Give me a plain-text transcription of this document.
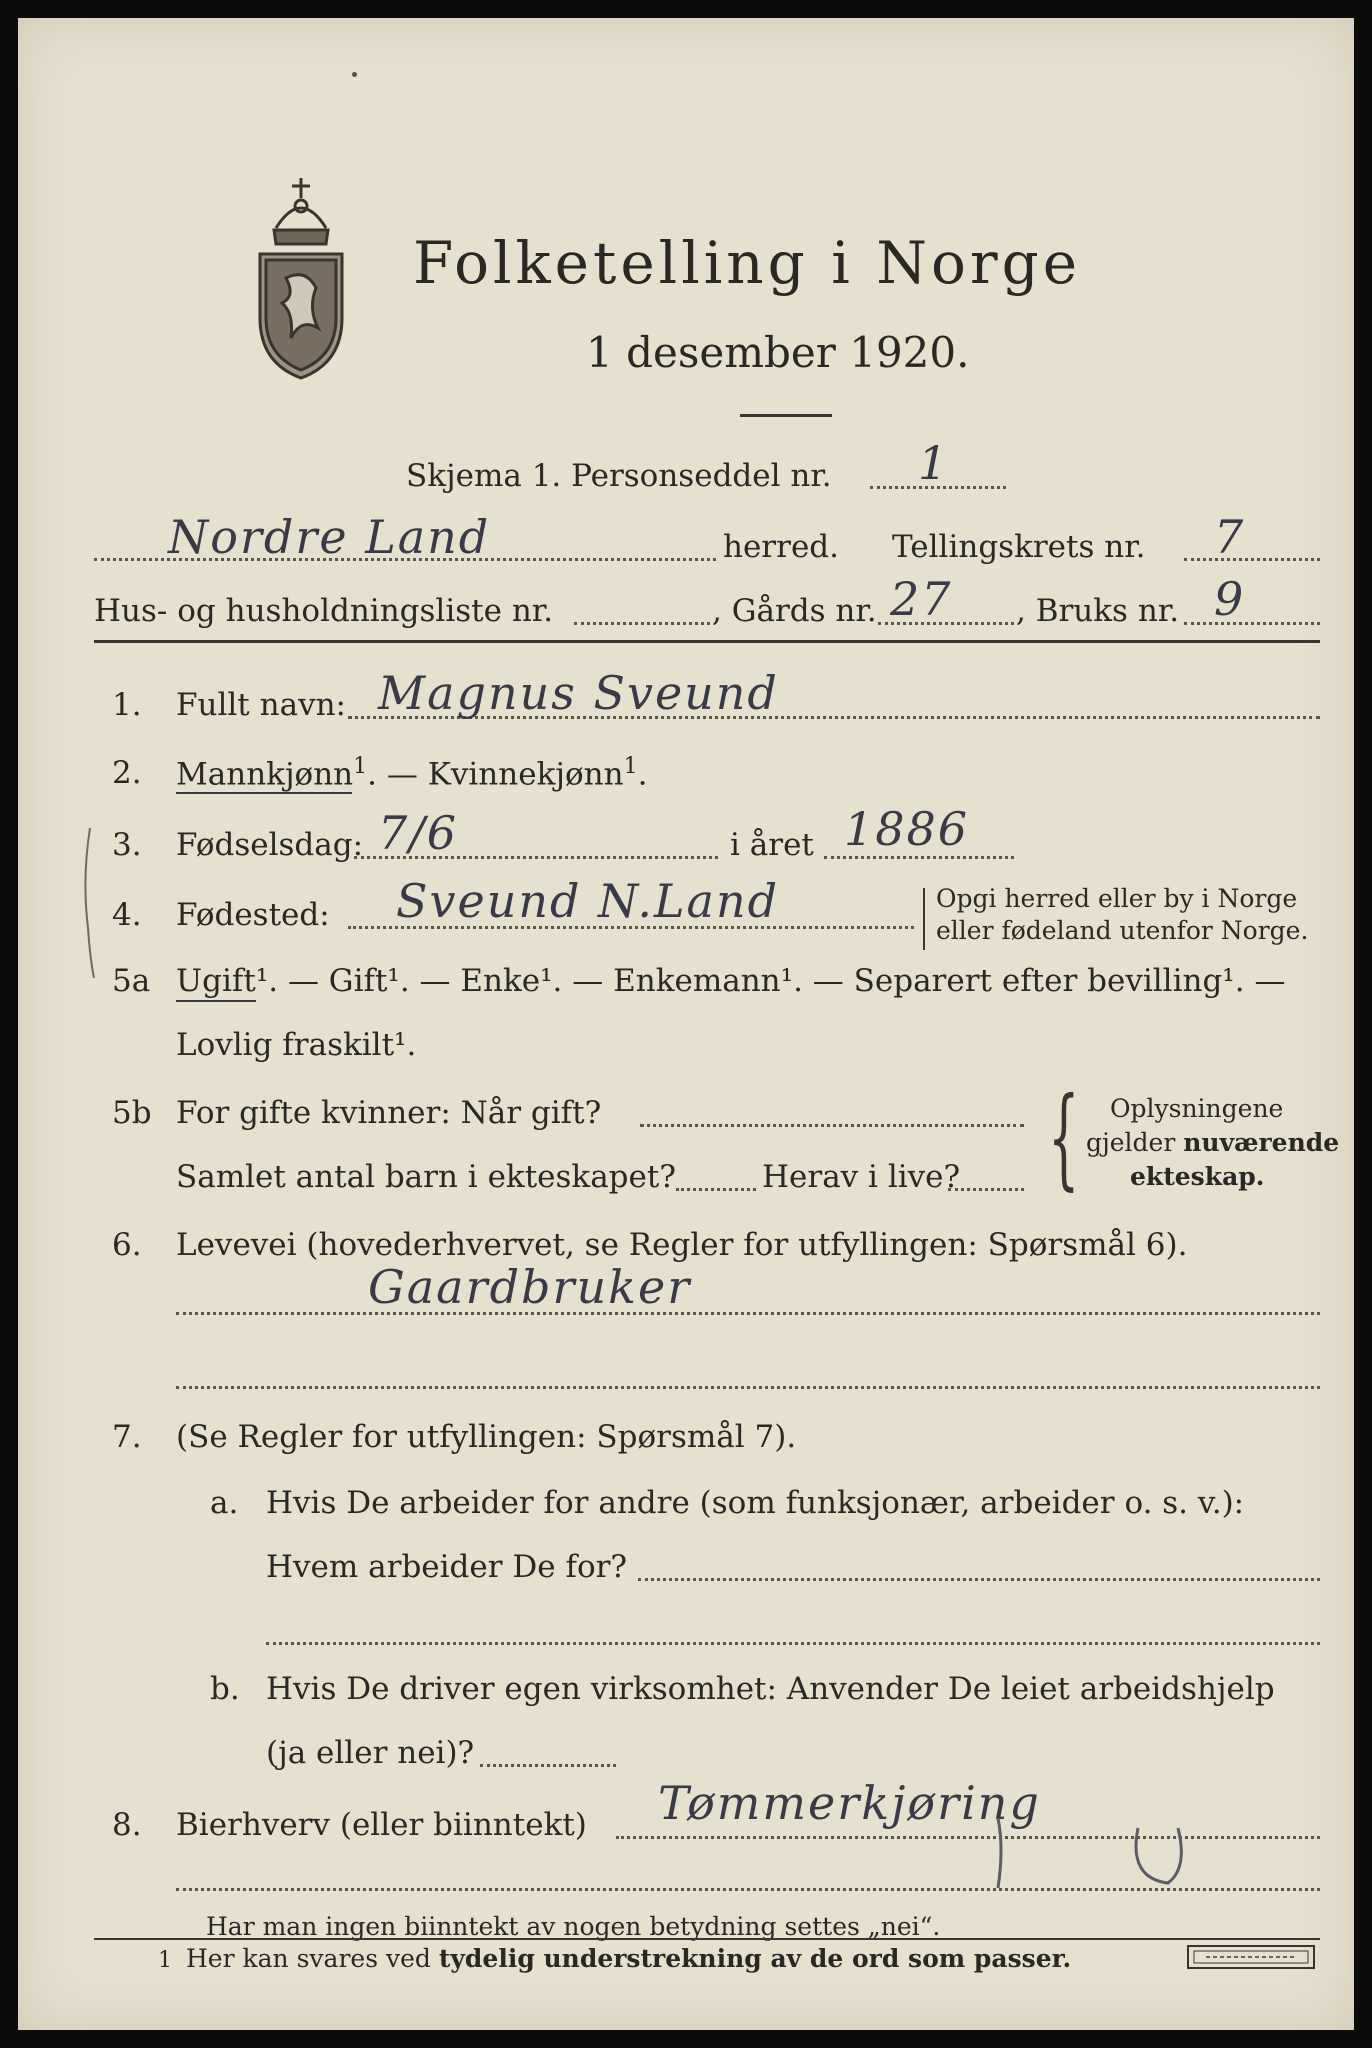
Folketelling i Norge
1 desember 1920.
Skjema 1. Personseddel nr. 1
Nordre Land	herred. Tellingskrets nr. 7
Hus- og husholdningsliste nr.	, Gårds nr. 27 , Bruks nr. 9
1. Fullt navn: Magnus Sveund
2. Mannkjønn$^1$. — Kvinnekjønn$^1$.
3. Fødselsdag: 7/6	i året 1886
4. Fødested: Sveund N.Land	Opgi herred eller by i Norge
eller fødeland utenfor Norge.
5a Ugift¹. — Gift¹. — Enke¹. — Enkemann¹. — Separert efter bevilling¹. —
Lovlig fraskilt¹.
5b For gifte kvinner: Når gift?
Samlet antal barn i ekteskapet?	Herav i live? { Oplysningene
gjelder nuværende
ekteskap.
6. Levevei (hovederhvervet, se Regler for utfyllingen: Spørsmål 6).
Gaardbruker
7. (Se Regler for utfyllingen: Spørsmål 7).
a. Hvis De arbeider for andre (som funksjonær, arbeider o. s. v.):
Hvem arbeider De for?
b. Hvis De driver egen virksomhet: Anvender De leiet arbeidshjelp
(ja eller nei)?
8. Bierhverv (eller biinntekt) Tømmerkjøring
Har man ingen biinntekt av nogen betydning settes „nei“.
1 Her kan svares ved tydelig understrekning av de ord som passer.
